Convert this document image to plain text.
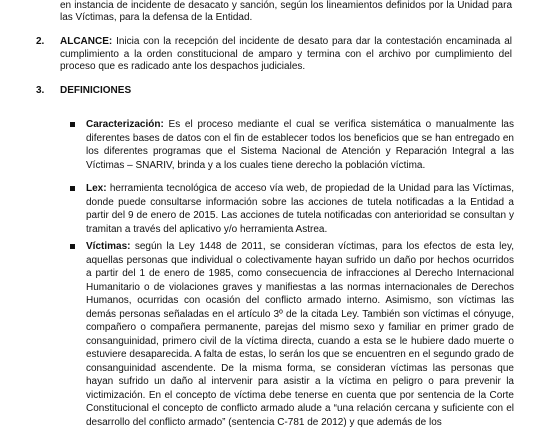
en instancia de incidente de desacato y sanción, según los lineamientos definidos por la Unidad para las Víctimas, para la defensa de la Entidad.

2. ALCANCE: Inicia con la recepción del incidente de desato para dar la contestación encaminada al cumplimiento a la orden constitucional de amparo y termina con el archivo por cumplimiento del proceso que es radicado ante los despachos judiciales.

3. DEFINICIONES

Caracterización: Es el proceso mediante el cual se verifica sistemática o manualmente las diferentes bases de datos con el fin de establecer todos los beneficios que se han entregado en los diferentes programas que el Sistema Nacional de Atención y Reparación Integral a las Víctimas – SNARIV, brinda y a los cuales tiene derecho la población víctima.

Lex: herramienta tecnológica de acceso vía web, de propiedad de la Unidad para las Víctimas, donde puede consultarse información sobre las acciones de tutela notificadas a la Entidad a partir del 9 de enero de 2015. Las acciones de tutela notificadas con anterioridad se consultan y tramitan a través del aplicativo y/o herramienta Astrea.

Víctimas: según la Ley 1448 de 2011, se consideran víctimas, para los efectos de esta ley, aquellas personas que individual o colectivamente hayan sufrido un daño por hechos ocurridos a partir del 1 de enero de 1985, como consecuencia de infracciones al Derecho Internacional Humanitario o de violaciones graves y manifiestas a las normas internacionales de Derechos Humanos, ocurridas con ocasión del conflicto armado interno. Asimismo, son víctimas las demás personas señaladas en el artículo 3º de la citada Ley. También son víctimas el cónyuge, compañero o compañera permanente, parejas del mismo sexo y familiar en primer grado de consanguinidad, primero civil de la víctima directa, cuando a esta se le hubiere dado muerte o estuviere desaparecida. A falta de estas, lo serán los que se encuentren en el segundo grado de consanguinidad ascendente. De la misma forma, se consideran víctimas las personas que hayan sufrido un daño al intervenir para asistir a la víctima en peligro o para prevenir la victimización. En el concepto de víctima debe tenerse en cuenta que por sentencia de la Corte Constitucional el concepto de conflicto armado alude a “una relación cercana y suficiente con el desarrollo del conflicto armado” (sentencia C-781 de 2012) y que además de los
